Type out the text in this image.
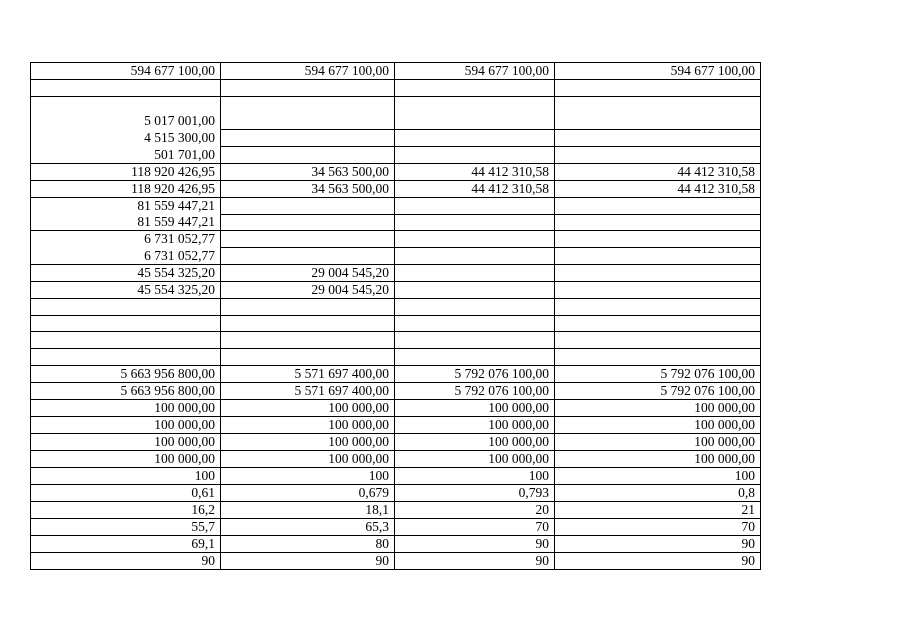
594 677 100,00	594 677 100,00	594 677 100,00	594 677 100,00

5 017 001,00			
4 515 300,00			
501 701,00			
118 920 426,95	34 563 500,00	44 412 310,58	44 412 310,58
118 920 426,95	34 563 500,00	44 412 310,58	44 412 310,58
81 559 447,21			
81 559 447,21			
6 731 052,77			
6 731 052,77			
45 554 325,20	29 004 545,20		
45 554 325,20	29 004 545,20		

5 663 956 800,00	5 571 697 400,00	5 792 076 100,00	5 792 076 100,00
5 663 956 800,00	5 571 697 400,00	5 792 076 100,00	5 792 076 100,00
100 000,00	100 000,00	100 000,00	100 000,00
100 000,00	100 000,00	100 000,00	100 000,00
100 000,00	100 000,00	100 000,00	100 000,00
100 000,00	100 000,00	100 000,00	100 000,00
100	100	100	100
0,61	0,679	0,793	0,8
16,2	18,1	20	21
55,7	65,3	70	70
69,1	80	90	90
90	90	90	90
